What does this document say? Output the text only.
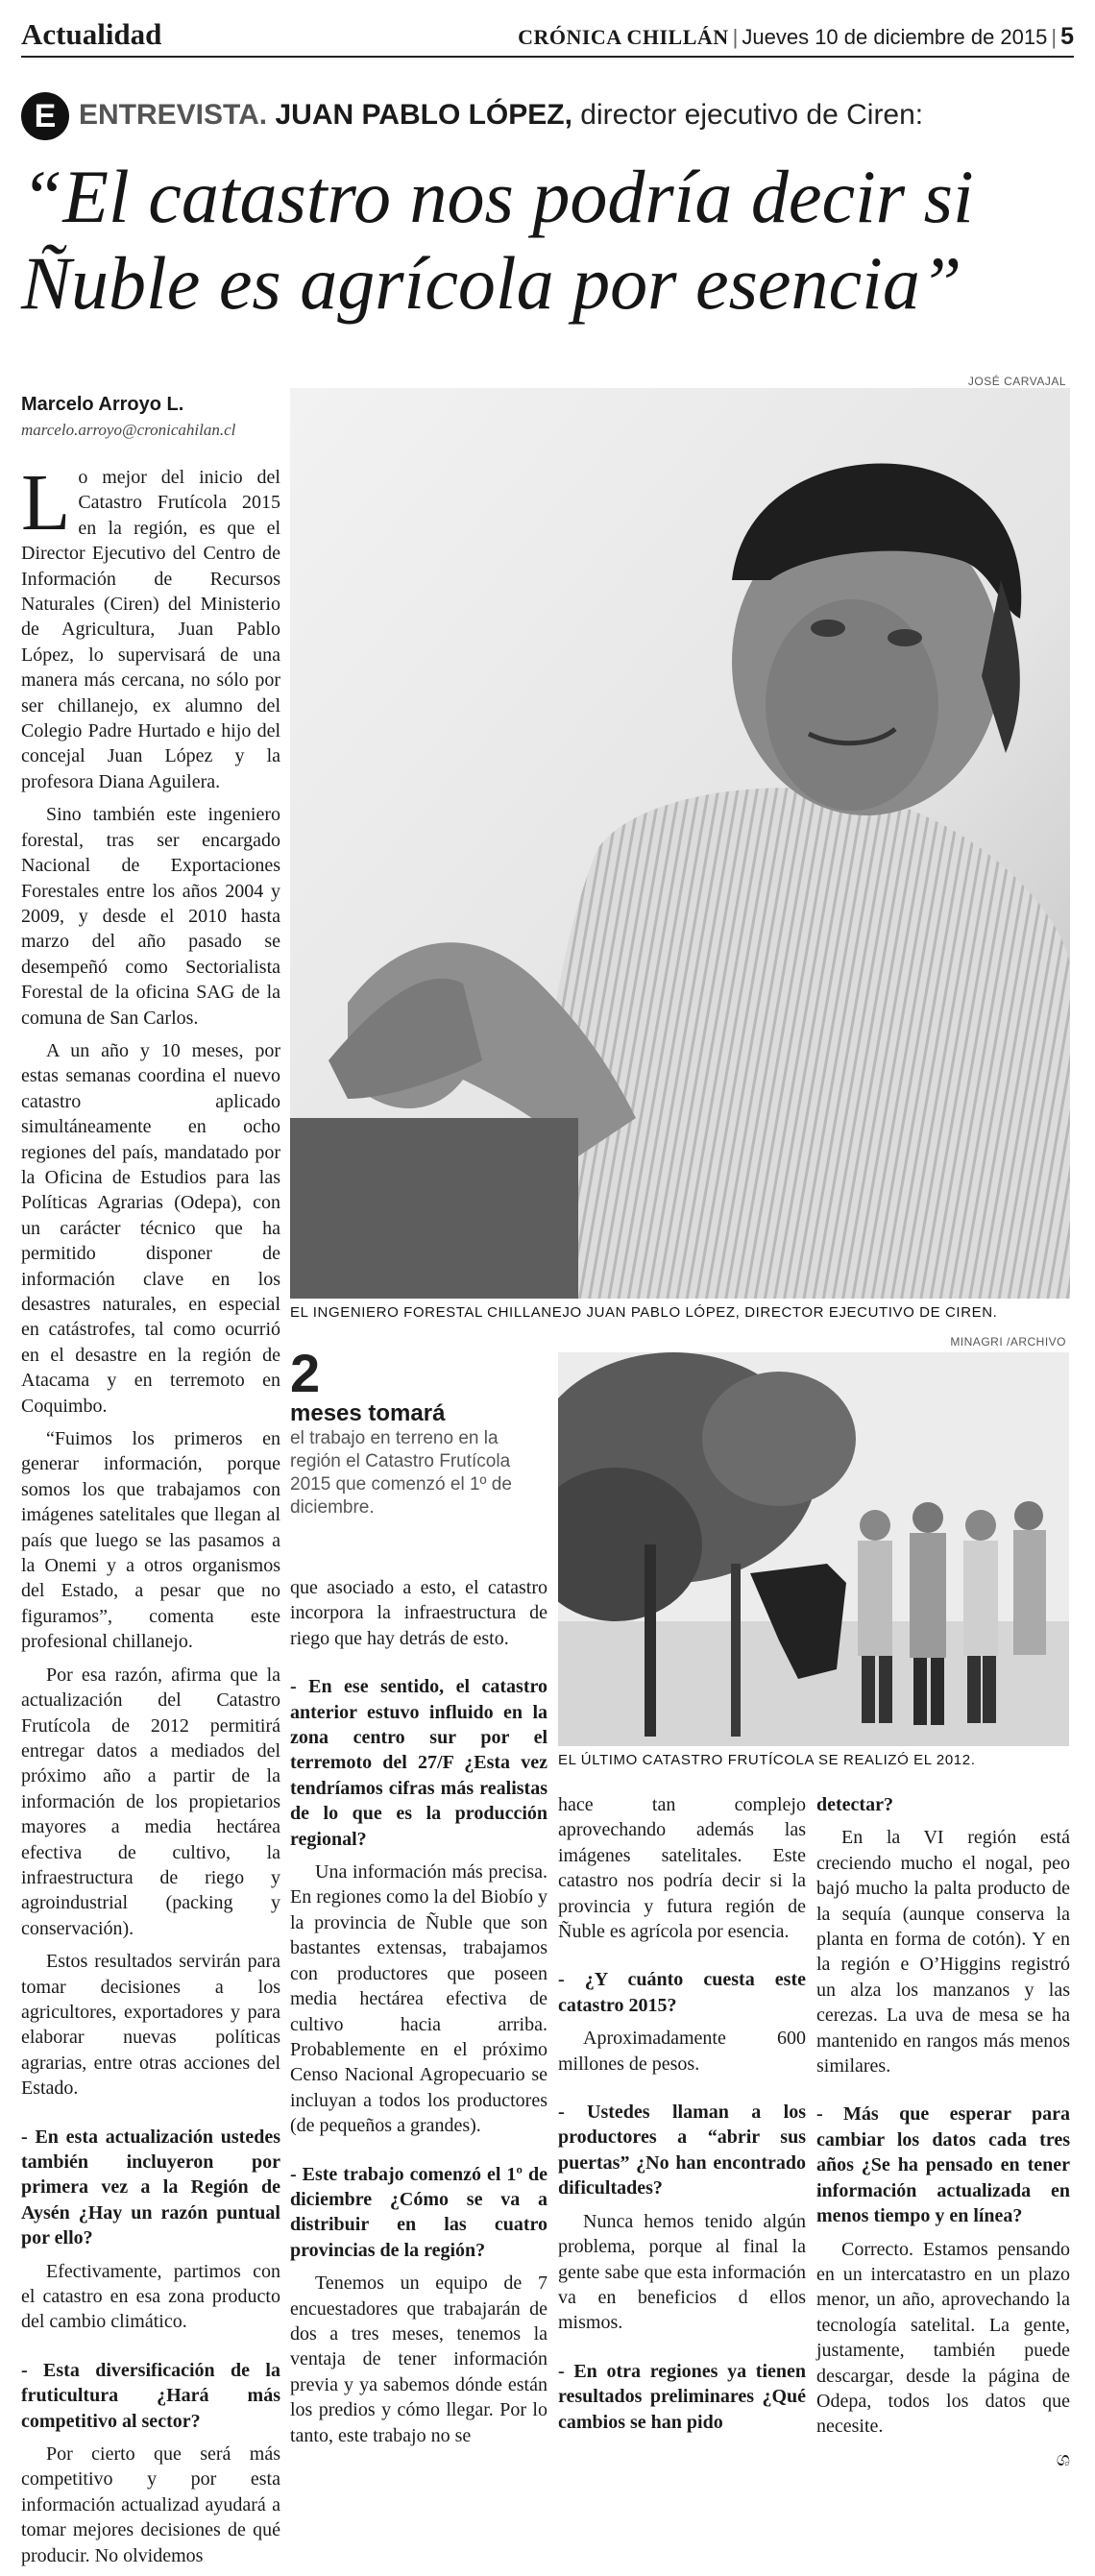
Actualidad	CRÓNICA CHILLÁN | Jueves 10 de diciembre de 2015 | 5
E ENTREVISTA. JUAN PABLO LÓPEZ, director ejecutivo de Ciren:
“El catastro nos podría decir si Ñuble es agrícola por esencia”
Marcelo Arroyo L.
marcelo.arroyo@cronicahilan.cl
JOSÉ CARVAJAL
EL INGENIERO FORESTAL CHILLANEJO JUAN PABLO LÓPEZ, DIRECTOR EJECUTIVO DE CIREN.
MINAGRI /ARCHIVO
EL ÚLTIMO CATASTRO FRUTÍCOLA SE REALIZÓ EL 2012.
2
meses tomará
el trabajo en terreno en la región el Catastro Frutícola 2015 que comenzó el 1º de diciembre.

Lo mejor del inicio del Catastro Frutícola 2015 en la región, es que el Director Ejecutivo del Centro de Información de Recursos Naturales (Ciren) del Ministerio de Agricultura, Juan Pablo López, lo supervisará de una manera más cercana, no sólo por ser chillanejo, ex alumno del Colegio Padre Hurtado e hijo del concejal Juan López y la profesora Diana Aguilera.

Sino también este ingeniero forestal, tras ser encargado Nacional de Exportaciones Forestales entre los años 2004 y 2009, y desde el 2010 hasta marzo del año pasado se desempeñó como Sectorialista Forestal de la oficina SAG de la comuna de San Carlos.

A un año y 10 meses, por estas semanas coordina el nuevo catastro aplicado simultáneamente en ocho regiones del país, mandatado por la Oficina de Estudios para las Políticas Agrarias (Odepa), con un carácter técnico que ha permitido disponer de información clave en los desastres naturales, en especial en catástrofes, tal como ocurrió en el desastre en la región de Atacama y en terremoto en Coquimbo.

“Fuimos los primeros en generar información, porque somos los que trabajamos con imágenes satelitales que llegan al país que luego se las pasamos a la Onemi y a otros organismos del Estado, a pesar que no figuramos”, comenta este profesional chillanejo.

Por esa razón, afirma que la actualización del Catastro Frutícola de 2012 permitirá entregar datos a mediados del próximo año a partir de la información de los propietarios mayores a media hectárea efectiva de cultivo, la infraestructura de riego y agroindustrial (packing y conservación).

Estos resultados servirán para tomar decisiones a los agricultores, exportadores y para elaborar nuevas políticas agrarias, entre otras acciones del Estado.

- En esta actualización ustedes también incluyeron por primera vez a la Región de Aysén ¿Hay un razón puntual por ello?

Efectivamente, partimos con el catastro en esa zona producto del cambio climático.

- Esta diversificación de la fruticultura ¿Hará más competitivo al sector?

Por cierto que será más competitivo y por esta información actualizad ayudará a tomar mejores decisiones de qué producir. No olvidemos

que asociado a esto, el catastro incorpora la infraestructura de riego que hay detrás de esto.

- En ese sentido, el catastro anterior estuvo influido en la zona centro sur por el terremoto del 27/F ¿Esta vez tendríamos cifras más realistas de lo que es la producción regional?

Una información más precisa. En regiones como la del Biobío y la provincia de Ñuble que son bastantes extensas, trabajamos con productores que poseen media hectárea efectiva de cultivo hacia arriba. Probablemente en el próximo Censo Nacional Agropecuario se incluyan a todos los productores (de pequeños a grandes).

- Este trabajo comenzó el 1º de diciembre ¿Cómo se va a distribuir en las cuatro provincias de la región?

Tenemos un equipo de 7 encuestadores que trabajarán de dos a tres meses, tenemos la ventaja de tener información previa y ya sabemos dónde están los predios y cómo llegar. Por lo tanto, este trabajo no se

hace tan complejo aprovechando además las imágenes satelitales. Este catastro nos podría decir si la provincia y futura región de Ñuble es agrícola por esencia.

- ¿Y cuánto cuesta este catastro 2015?

Aproximadamente 600 millones de pesos.

- Ustedes llaman a los productores a “abrir sus puertas” ¿No han encontrado dificultades?

Nunca hemos tenido algún problema, porque al final la gente sabe que esta información va en beneficios d ellos mismos.

- En otra regiones ya tienen resultados preliminares ¿Qué cambios se han pido

detectar?

En la VI región está creciendo mucho el nogal, peo bajó mucho la palta producto de la sequía (aunque conserva la planta en forma de cotón). Y en la región e O’Higgins registró un alza los manzanos y las cerezas. La uva de mesa se ha mantenido en rangos más menos similares.

- Más que esperar para cambiar los datos cada tres años ¿Se ha pensado en tener información actualizada en menos tiempo y en línea?

Correcto. Estamos pensando en un intercatastro en un plazo menor, un año, aprovechando la tecnología satelital. La gente, justamente, también puede descargar, desde la página de Odepa, todos los datos que necesite.

ශ
